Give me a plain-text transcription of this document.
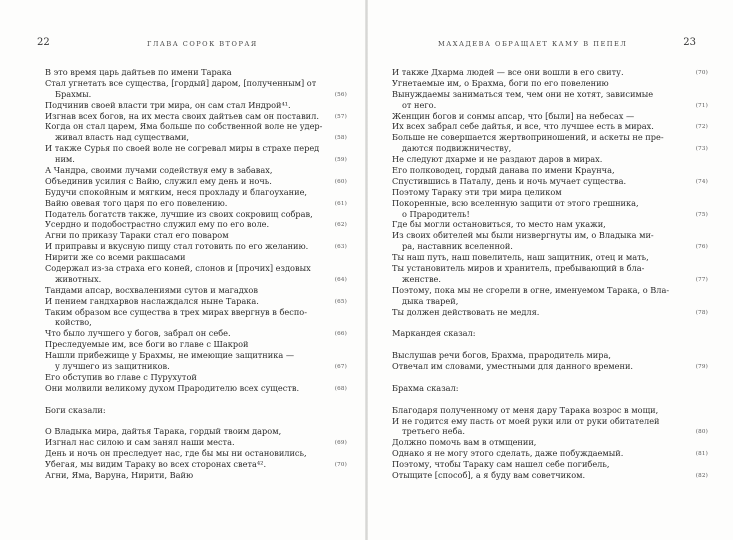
22	ГЛАВА СОРОК ВТОРАЯ
В это время царь дайтьев по имени Тарака
Стал угнетать все существа, [гордый] даром, [полученным] от
Брахмы.	(56)
Подчинив своей власти три мира, он сам стал Индрой⁴¹.
Изгнав всех богов, на их места своих дайтьев сам он поставил.	(57)
Когда он стал царем, Яма больше по собственной воле не удер-
живал власть над существами,	(58)
И также Сурья по своей воле не согревал миры в страхе перед
ним.	(59)
А Чандра, своими лучами содействуя ему в забавах,
Объединив усилия с Вайю, служил ему день и ночь.	(60)
Будучи спокойным и мягким, неся прохладу и благоухание,
Вайю овевая того царя по его повелению.	(61)
Податель богатств также, лучшие из своих сокровищ собрав,
Усердно и подобострастно служил ему по его воле.	(62)
Агни по приказу Тараки стал его поваром
И приправы и вкусную пищу стал готовить по его желанию.	(63)
Нирити же со всеми ракшасами
Содержал из-за страха его коней, слонов и [прочих] ездовых
животных.	(64)
Тандами апсар, восхвалениями сутов и магадхов
И пением гандхарвов наслаждался ныне Тарака.	(65)
Таким образом все существа в трех мирах ввергнув в беспо-
койство,
Что было лучшего у богов, забрал он себе.	(66)
Преследуемые им, все боги во главе с Шакрой
Нашли прибежище у Брахмы, не имеющие защитника —
у лучшего из защитников.	(67)
Его обступив во главе с Пурухутой
Они молвили великому духом Прародителю всех существ.	(68)
Боги сказали:
О Владыка мира, дайтья Тарака, гордый твоим даром,
Изгнал нас силою и сам занял наши места.	(69)
День и ночь он преследует нас, где бы мы ни остановились,
Убегая, мы видим Тараку во всех сторонах света⁴².	(70)
Агни, Яма, Варуна, Нирити, Вайю
23
МАХАДЕВА ОБРАЩАЕТ КАМУ В ПЕПЕЛ
И также Дхарма людей — все они вошли в его свиту.	(70)
Угнетаемые им, о Брахма, боги по его повелению
Вынуждаемы заниматься тем, чем они не хотят, зависимые
от него.	(71)
Женщин богов и сонмы апсар, что [были] на небесах —
Их всех забрал себе дайтья, и все, что лучшее есть в мирах.	(72)
Больше не совершается жертвоприношений, и аскеты не пре-
даются подвижничеству,	(73)
Не следуют дхарме и не раздают даров в мирах.
Его полководец, гордый данава по имени Краунча,
Спустившись в Паталу, день и ночь мучает существа.	(74)
Поэтому Тараку эти три мира целиком
Покоренные, всю вселенную защити от этого грешника,
о Прародитель!	(75)
Где бы могли остановиться, то место нам укажи,
Из своих обителей мы были низвергнуты им, о Владыка ми-
ра, наставник вселенной.	(76)
Ты наш путь, наш повелитель, наш защитник, отец и мать,
Ты установитель миров и хранитель, пребывающий в бла-
женстве.	(77)
Поэтому, пока мы не сгорели в огне, именуемом Тарака, о Вла-
дыка тварей,
Ты должен действовать не медля.	(78)
Маркандея сказал:
Выслушав речи богов, Брахма, прародитель мира,
Отвечал им словами, уместными для данного времени.	(79)
Брахма сказал:
Благодаря полученному от меня дару Тарака возрос в мощи,
И не годится ему пасть от моей руки или от руки обитателей
третьего неба.	(80)
Должно помочь вам в отмщении,
Однако я не могу этого сделать, даже побуждаемый.	(81)
Поэтому, чтобы Тараку сам нашел себе погибель,
Отыщите [способ], а я буду вам советчиком.	(82)
